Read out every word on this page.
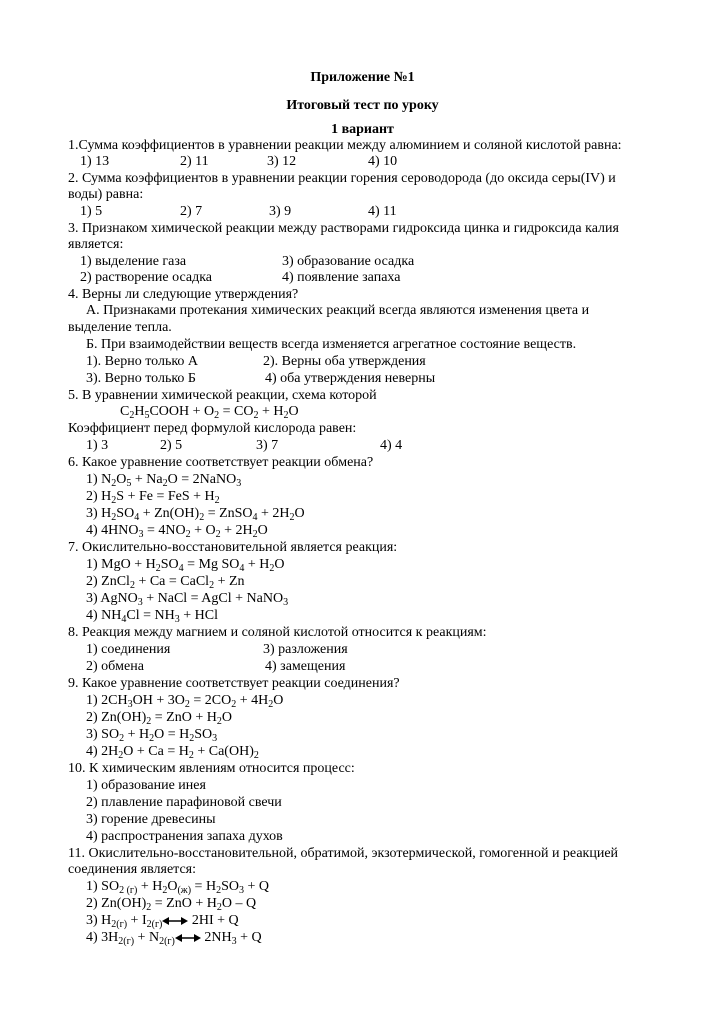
Приложение №1
Итоговый тест по уроку
1 вариант
1.Сумма коэффициентов в уравнении реакции между алюминием и соляной кислотой равна:
1) 13	2) 11	3) 12	4) 10
2. Сумма коэффициентов в уравнении реакции горения сероводорода (до оксида серы(IV) и
воды) равна:
1) 5	2) 7	3) 9	4) 11
3. Признаком химической реакции между растворами гидроксида цинка и гидроксида калия
является:
1) выделение газа	3) образование осадка
2) растворение осадка	4) появление запаха
4. Верны ли следующие утверждения?
А. Признаками протекания химических реакций всегда являются изменения цвета и
выделение тепла.
Б. При взаимодействии веществ всегда изменяется агрегатное состояние веществ.
1). Верно только А	2). Верны оба утверждения
3). Верно только Б	4) оба утверждения неверны
5. В уравнении химической реакции, схема которой
$C_2H_5COOH + O_2 = CO_2 + H_2O$
Коэффициент перед формулой кислорода равен:
1) 3	2) 5	3) 7	4) 4
6. Какое уравнение соответствует реакции обмена?
1) $N_2O_5 + Na_2O$ = 2NaNO$_3$
2) $H_2S + Fe$ = FeS + $H_2$
3) $H_2SO_4 + Zn(OH)_2$ = ZnSO$_4$ + $2H_2O$
4) $4HNO_3 = 4NO_2 + O_2 + 2H_2O$
7. Окислительно-восстановительной является реакция:
1) MgO + $H_2SO_4 = Mg$ $SO_4 + H_2O$
2) ZnCl$_2$ + Ca = CaCl$_2$ + Zn
3) AgNO$_3$ + NaCl = AgCl + NaNO$_3$
4) $NH_4Cl = NH_3$ + HCl
8. Реакция между магнием и соляной кислотой относится к реакциям:
1) соединения	3) разложения
2) обмена	4) замещения
9. Какое уравнение соответствует реакции соединения?
1) $2CH_3OH + 3O_2 = 2CO_2 + 4H_2O$
2) $Zn(OH)_2$ = ZnO + $H_2O$
3) $SO_2 + H_2O = H_2SO_3$
4) $2H_2O + Ca = H_2 + Ca(OH)_2$
10. К химическим явлениям относится процесс:
1) образование инея
2) плавление парафиновой свечи
3) горение древесины
4) распространения запаха духов
11. Окислительно-восстановительной, обратимой, экзотермической, гомогенной и реакцией
соединения является:
1) $SO_{2 (г)} + H_2O_{(ж)} = H_2SO_3 + Q$
2) $Zn(OH)_2$ = ZnO + $H_2O$ – Q
3) $H_{2(г)} + I_{2(г)}$ 2HI + Q
4) $3H_{2(г)} + N_{2(г)}$ $2NH_3 + Q$
